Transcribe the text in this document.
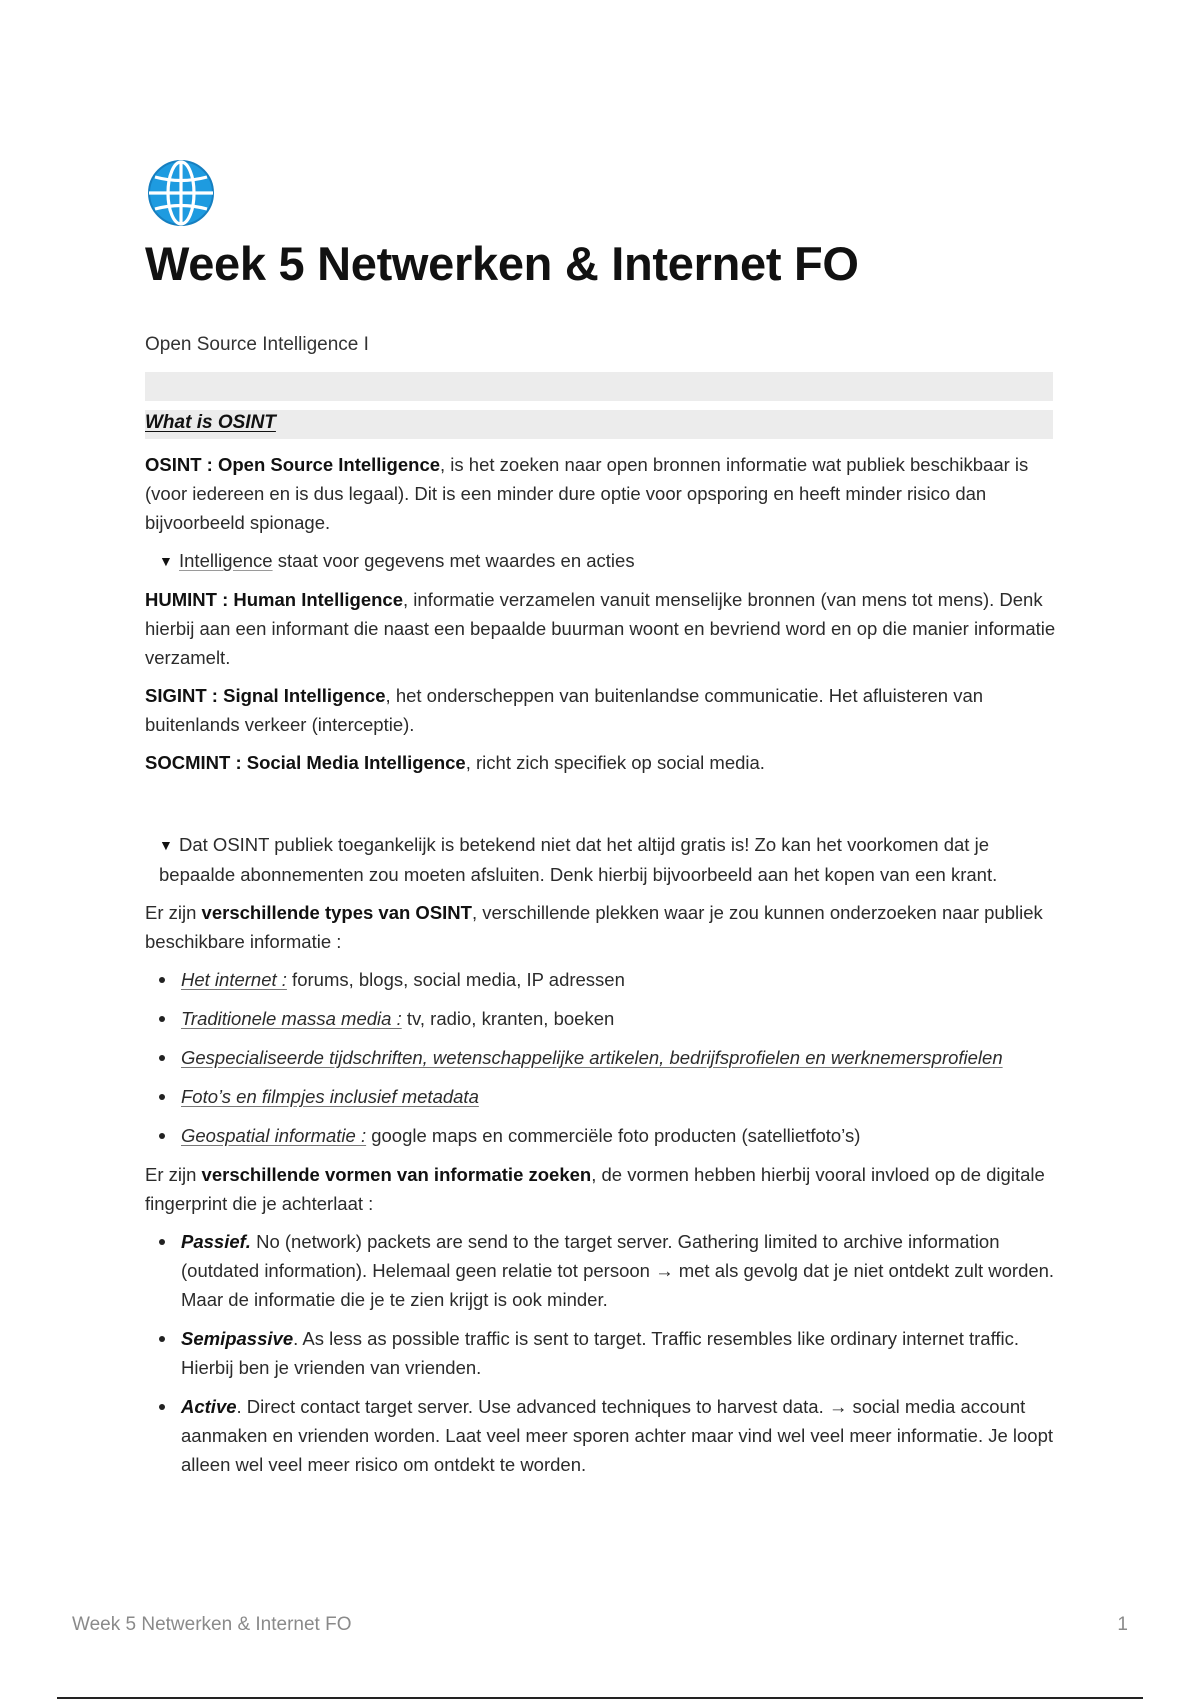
Week 5 Netwerken & Internet FO
Open Source Intelligence I
What is OSINT

OSINT : Open Source Intelligence, is het zoeken naar open bronnen informatie wat publiek beschikbaar is (voor iedereen en is dus legaal). Dit is een minder dure optie voor opsporing en heeft minder risico dan bijvoorbeeld spionage.

▼ Intelligence staat voor gegevens met waardes en acties

HUMINT : Human Intelligence, informatie verzamelen vanuit menselijke bronnen (van mens tot mens). Denk hierbij aan een informant die naast een bepaalde buurman woont en bevriend word en op die manier informatie verzamelt.

SIGINT : Signal Intelligence, het onderscheppen van buitenlandse communicatie. Het afluisteren van buitenlands verkeer (interceptie).

SOCMINT : Social Media Intelligence, richt zich specifiek op social media.

▼ Dat OSINT publiek toegankelijk is betekend niet dat het altijd gratis is! Zo kan het voorkomen dat je bepaalde abonnementen zou moeten afsluiten. Denk hierbij bijvoorbeeld aan het kopen van een krant.

Er zijn verschillende types van OSINT, verschillende plekken waar je zou kunnen onderzoeken naar publiek beschikbare informatie :

Het internet : forums, blogs, social media, IP adressen
Traditionele massa media : tv, radio, kranten, boeken
Gespecialiseerde tijdschriften, wetenschappelijke artikelen, bedrijfsprofielen en werknemersprofielen
Foto’s en filmpjes inclusief metadata
Geospatial informatie : google maps en commerciële foto producten (satellietfoto’s)

Er zijn verschillende vormen van informatie zoeken, de vormen hebben hierbij vooral invloed op de digitale fingerprint die je achterlaat :

Passief. No (network) packets are send to the target server. Gathering limited to archive information (outdated information). Helemaal geen relatie tot persoon → met als gevolg dat je niet ontdekt zult worden. Maar de informatie die je te zien krijgt is ook minder.
Semipassive. As less as possible traffic is sent to target. Traffic resembles like ordinary internet traffic. Hierbij ben je vrienden van vrienden.
Active. Direct contact target server. Use advanced techniques to harvest data. → social media account aanmaken en vrienden worden. Laat veel meer sporen achter maar vind wel veel meer informatie. Je loopt alleen wel veel meer risico om ontdekt te worden.
Week 5 Netwerken & Internet FO	1
